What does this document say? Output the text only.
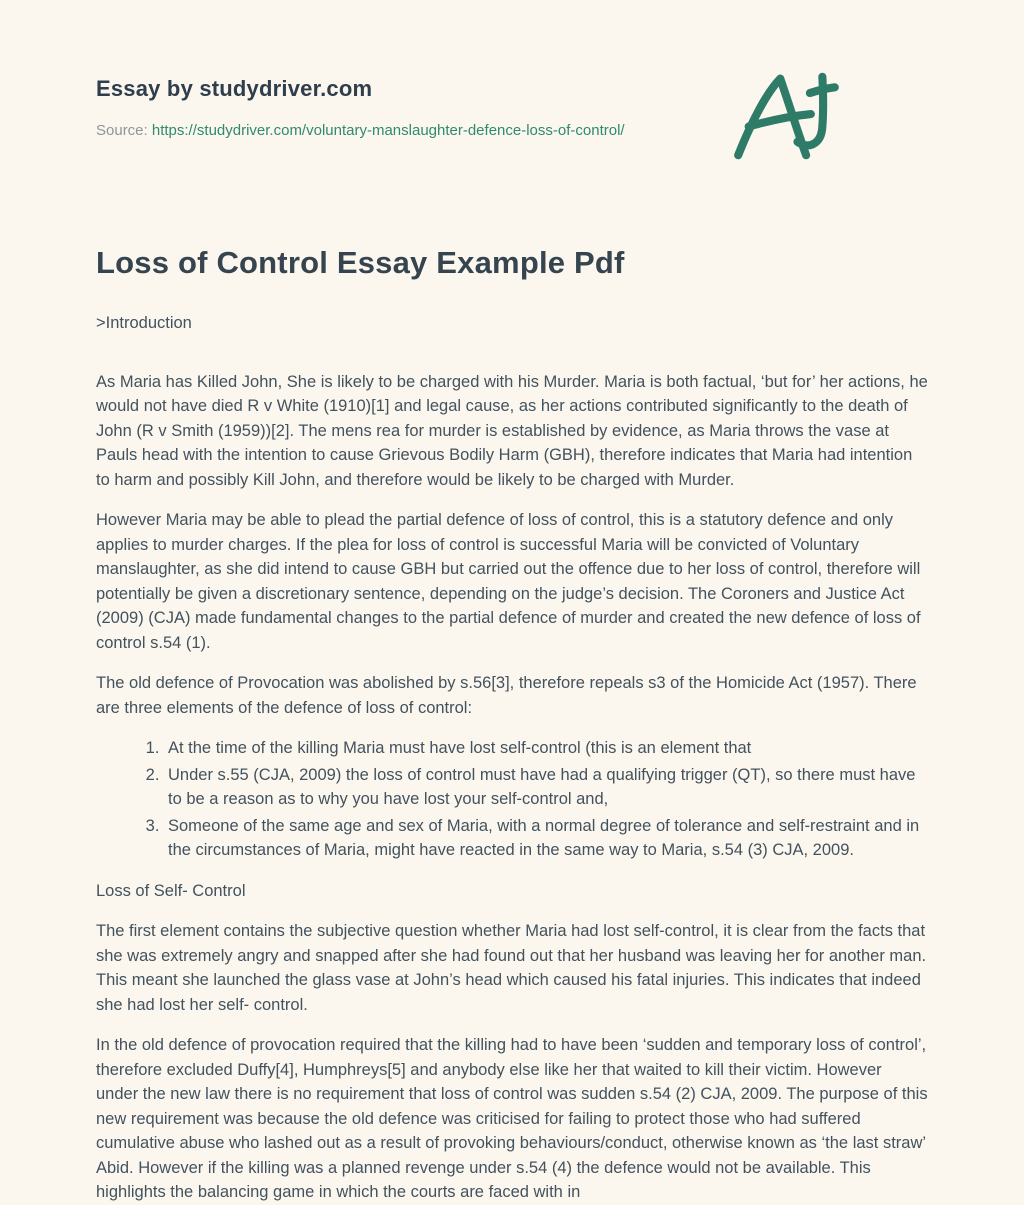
Essay by studydriver.com
Source: https://studydriver.com/voluntary-manslaughter-defence-loss-of-control/
Loss of Control Essay Example Pdf

>Introduction

As Maria has Killed John, She is likely to be charged with his Murder. Maria is both factual, ‘but for’ her actions, he would not have died R v White (1910)[1] and legal cause, as her actions contributed significantly to the death of John (R v Smith (1959))[2]. The mens rea for murder is established by evidence, as Maria throws the vase at Pauls head with the intention to cause Grievous Bodily Harm (GBH), therefore indicates that Maria had intention to harm and possibly Kill John, and therefore would be likely to be charged with Murder.

However Maria may be able to plead the partial defence of loss of control, this is a statutory defence and only applies to murder charges. If the plea for loss of control is successful Maria will be convicted of Voluntary manslaughter, as she did intend to cause GBH but carried out the offence due to her loss of control, therefore will potentially be given a discretionary sentence, depending on the judge’s decision. The Coroners and Justice Act (2009) (CJA) made fundamental changes to the partial defence of murder and created the new defence of loss of control s.54 (1).

The old defence of Provocation was abolished by s.56[3], therefore repeals s3 of the Homicide Act (1957). There are three elements of the defence of loss of control:

1. At the time of the killing Maria must have lost self-control (this is an element that
2. Under s.55 (CJA, 2009) the loss of control must have had a qualifying trigger (QT), so there must have to be a reason as to why you have lost your self-control and,
3. Someone of the same age and sex of Maria, with a normal degree of tolerance and self-restraint and in the circumstances of Maria, might have reacted in the same way to Maria, s.54 (3) CJA, 2009.

Loss of Self- Control

The first element contains the subjective question whether Maria had lost self-control, it is clear from the facts that she was extremely angry and snapped after she had found out that her husband was leaving her for another man. This meant she launched the glass vase at John’s head which caused his fatal injuries. This indicates that indeed she had lost her self- control.

In the old defence of provocation required that the killing had to have been ‘sudden and temporary loss of control’, therefore excluded Duffy[4], Humphreys[5] and anybody else like her that waited to kill their victim. However under the new law there is no requirement that loss of control was sudden s.54 (2) CJA, 2009. The purpose of this new requirement was because the old defence was criticised for failing to protect those who had suffered cumulative abuse who lashed out as a result of provoking behaviours/conduct, otherwise known as ‘the last straw’ Abid. However if the killing was a planned revenge under s.54 (4) the defence would not be available. This highlights the balancing game in which the courts are faced with in
